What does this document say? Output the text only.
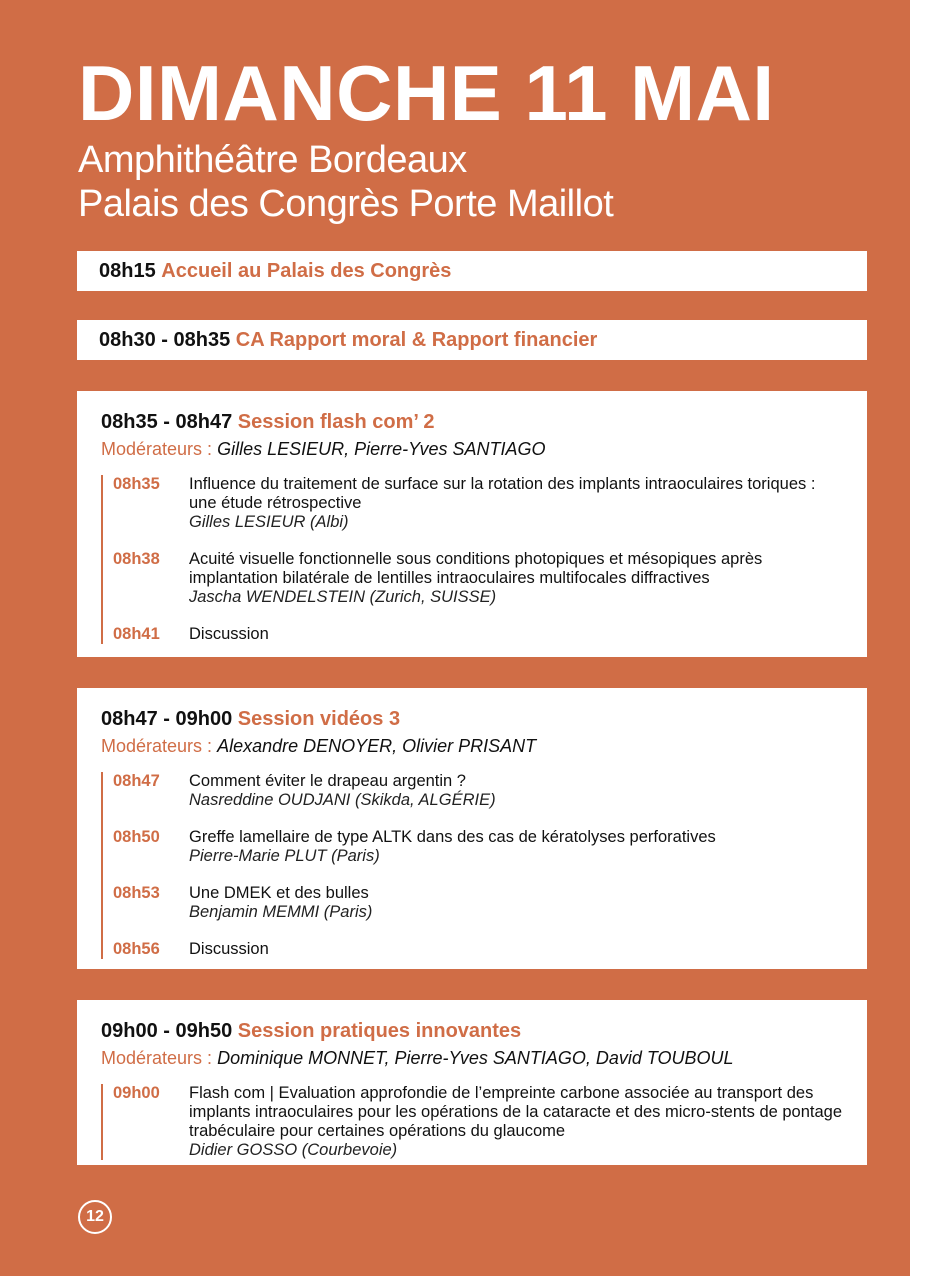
DIMANCHE 11 MAI
Amphithéâtre Bordeaux
Palais des Congrès Porte Maillot
08h15
Accueil au Palais des Congrès
08h30 - 08h35
CA Rapport moral & Rapport financier
08h35 - 08h47 Session flash com’ 2
Modérateurs : Gilles LESIEUR, Pierre-Yves SANTIAGO
08h35	Influence du traitement de surface sur la rotation des implants intraoculaires toriques : une étude rétrospective
Gilles LESIEUR (Albi)
08h38	Acuité visuelle fonctionnelle sous conditions photopiques et mésopiques après implantation bilatérale de lentilles intraoculaires multifocales diffractives
Jascha WENDELSTEIN (Zurich, SUISSE)
08h41	Discussion
08h47 - 09h00 Session vidéos 3
Modérateurs : Alexandre DENOYER, Olivier PRISANT
08h47	Comment éviter le drapeau argentin ?
Nasreddine OUDJANI (Skikda, ALGÉRIE)
08h50	Greffe lamellaire de type ALTK dans des cas de kératolyses perforatives
Pierre-Marie PLUT (Paris)
08h53	Une DMEK et des bulles
Benjamin MEMMI (Paris)
08h56	Discussion
09h00 - 09h50 Session pratiques innovantes
Modérateurs : Dominique MONNET, Pierre-Yves SANTIAGO, David TOUBOUL
09h00	Flash com | Evaluation approfondie de l’empreinte carbone associée au transport des implants intraoculaires pour les opérations de la cataracte et des micro-stents de pontage trabéculaire pour certaines opérations du glaucome
Didier GOSSO (Courbevoie)
12
